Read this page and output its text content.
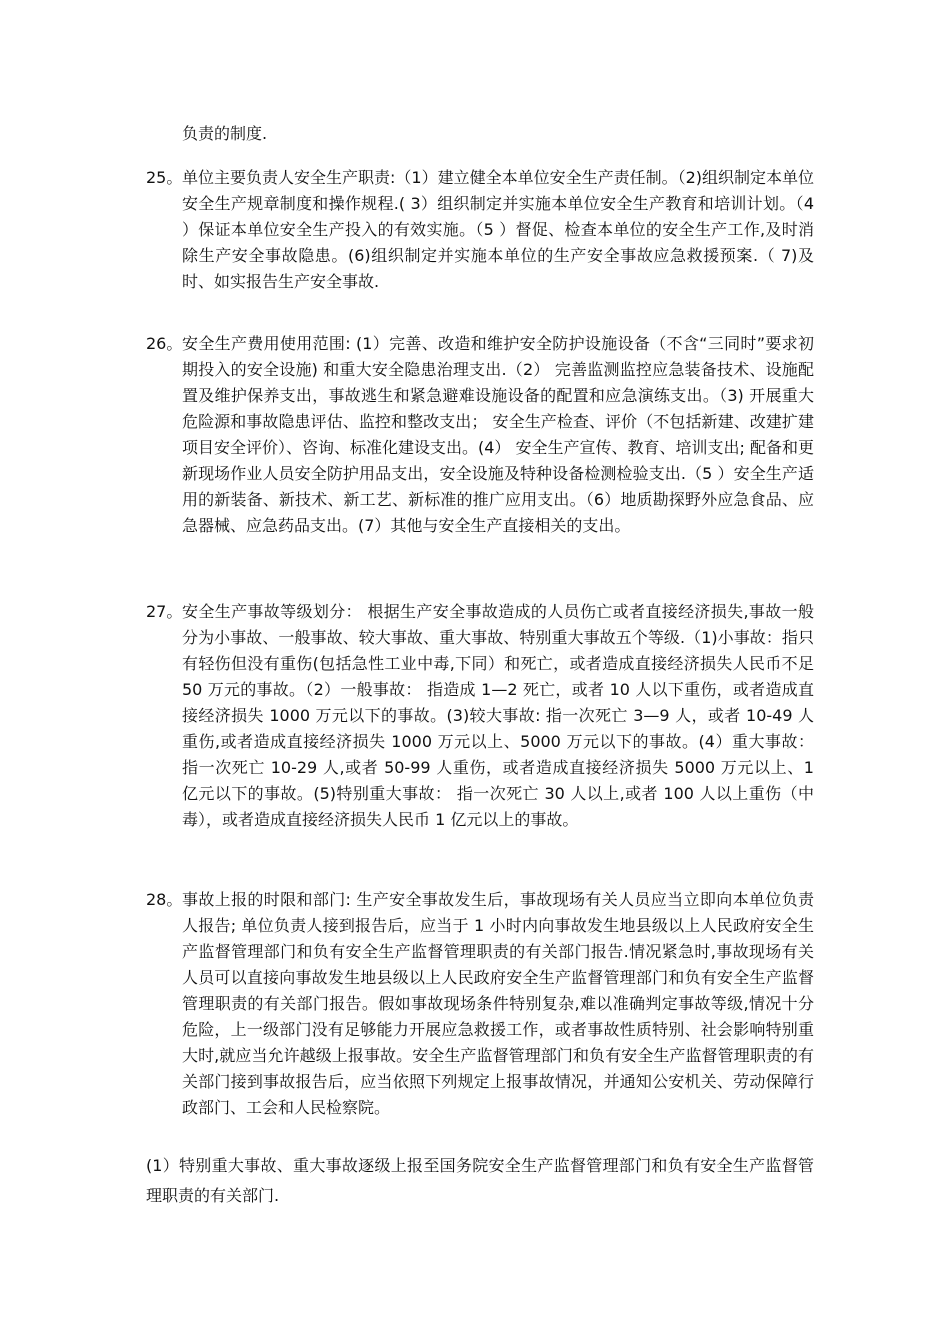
负责的制度.
25。 单位主要负责人安全生产职责:（1）建立健全本单位安全生产责任制。（2)组织制定本单位安全生产规章制度和操作规程.( 3）组织制定并实施本单位安全生产教育和培训计划。（4 ）保证本单位安全生产投入的有效实施。（5 ）督促、检查本单位的安全生产工作,及时消除生产安全事故隐患。(6)组织制定并实施本单位的生产安全事故应急救援预案.（ 7)及时、如实报告生产安全事故.
26。 安全生产费用使用范围: (1）完善、改造和维护安全防护设施设备（不含“三同时”要求初期投入的安全设施) 和重大安全隐患治理支出.（2） 完善监测监控应急装备技术、设施配置及维护保养支出，事故逃生和紧急避难设施设备的配置和应急演练支出。（3) 开展重大危险源和事故隐患评估、监控和整改支出； 安全生产检查、评价（不包括新建、改建扩建项目安全评价）、咨询、标准化建设支出。(4） 安全生产宣传、教育、培训支出; 配备和更新现场作业人员安全防护用品支出，安全设施及特种设备检测检验支出.（5 ）安全生产适用的新装备、新技术、新工艺、新标准的推广应用支出。（6）地质勘探野外应急食品、应急器械、应急药品支出。(7）其他与安全生产直接相关的支出。
27。 安全生产事故等级划分： 根据生产安全事故造成的人员伤亡或者直接经济损失,事故一般分为小事故、一般事故、较大事故、重大事故、特别重大事故五个等级.（1)小事故：指只有轻伤但没有重伤(包括急性工业中毒,下同）和死亡，或者造成直接经济损失人民币不足 50 万元的事故。（2）一般事故： 指造成 1—2 死亡，或者 10 人以下重伤，或者造成直接经济损失 1000 万元以下的事故。(3)较大事故: 指一次死亡 3—9 人，或者 10-49 人重伤,或者造成直接经济损失 1000 万元以上、5000 万元以下的事故。(4）重大事故： 指一次死亡 10-29 人,或者 50-99 人重伤，或者造成直接经济损失 5000 万元以上、1 亿元以下的事故。(5)特别重大事故： 指一次死亡 30 人以上,或者 100 人以上重伤（中毒），或者造成直接经济损失人民币 1 亿元以上的事故。
28。 事故上报的时限和部门: 生产安全事故发生后，事故现场有关人员应当立即向本单位负责人报告; 单位负责人接到报告后，应当于 1 小时内向事故发生地县级以上人民政府安全生产监督管理部门和负有安全生产监督管理职责的有关部门报告.情况紧急时,事故现场有关人员可以直接向事故发生地县级以上人民政府安全生产监督管理部门和负有安全生产监督管理职责的有关部门报告。假如事故现场条件特别复杂,难以准确判定事故等级,情况十分危险，上一级部门没有足够能力开展应急救援工作，或者事故性质特别、社会影响特别重大时,就应当允许越级上报事故。安全生产监督管理部门和负有安全生产监督管理职责的有关部门接到事故报告后，应当依照下列规定上报事故情况，并通知公安机关、劳动保障行政部门、工会和人民检察院。
(1）特别重大事故、重大事故逐级上报至国务院安全生产监督管理部门和负有安全生产监督管理职责的有关部门.
